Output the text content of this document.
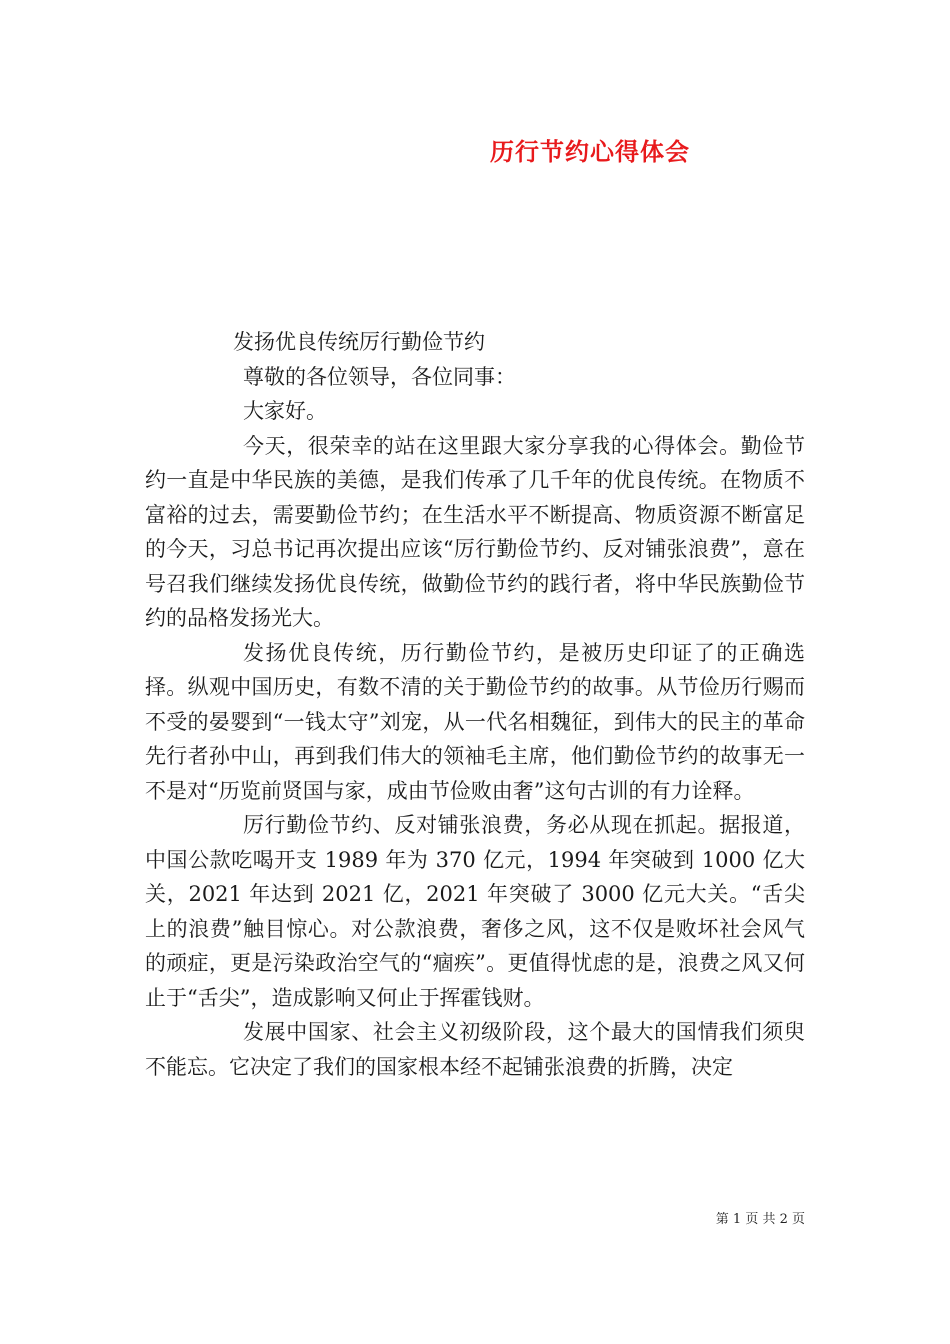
历行节约心得体会

发扬优良传统厉行勤俭节约

尊敬的各位领导，各位同事：

大家好。

今天，很荣幸的站在这里跟大家分享我的心得体会。勤俭节约一直是中华民族的美德，是我们传承了几千年的优良传统。在物质不富裕的过去，需要勤俭节约；在生活水平不断提高、物质资源不断富足的今天，习总书记再次提出应该“厉行勤俭节约、反对铺张浪费”，意在号召我们继续发扬优良传统，做勤俭节约的践行者，将中华民族勤俭节约的品格发扬光大。

发扬优良传统，历行勤俭节约，是被历史印证了的正确选择。纵观中国历史，有数不清的关于勤俭节约的故事。从节俭历行赐而不受的晏婴到“一钱太守”刘宠，从一代名相魏征，到伟大的民主的革命先行者孙中山，再到我们伟大的领袖毛主席，他们勤俭节约的故事无一不是对“历览前贤国与家，成由节俭败由奢”这句古训的有力诠释。

厉行勤俭节约、反对铺张浪费，务必从现在抓起。据报道，中国公款吃喝开支 1989 年为 370 亿元，1994 年突破到 1000 亿大关，2021 年达到 2021 亿，2021 年突破了 3000 亿元大关。“舌尖上的浪费”触目惊心。对公款浪费，奢侈之风，这不仅是败坏社会风气的顽症，更是污染政治空气的“痼疾”。更值得忧虑的是，浪费之风又何止于“舌尖”，造成影响又何止于挥霍钱财。

发展中国家、社会主义初级阶段，这个最大的国情我们须臾不能忘。它决定了我们的国家根本经不起铺张浪费的折腾，决定

第 1 页 共 2 页
